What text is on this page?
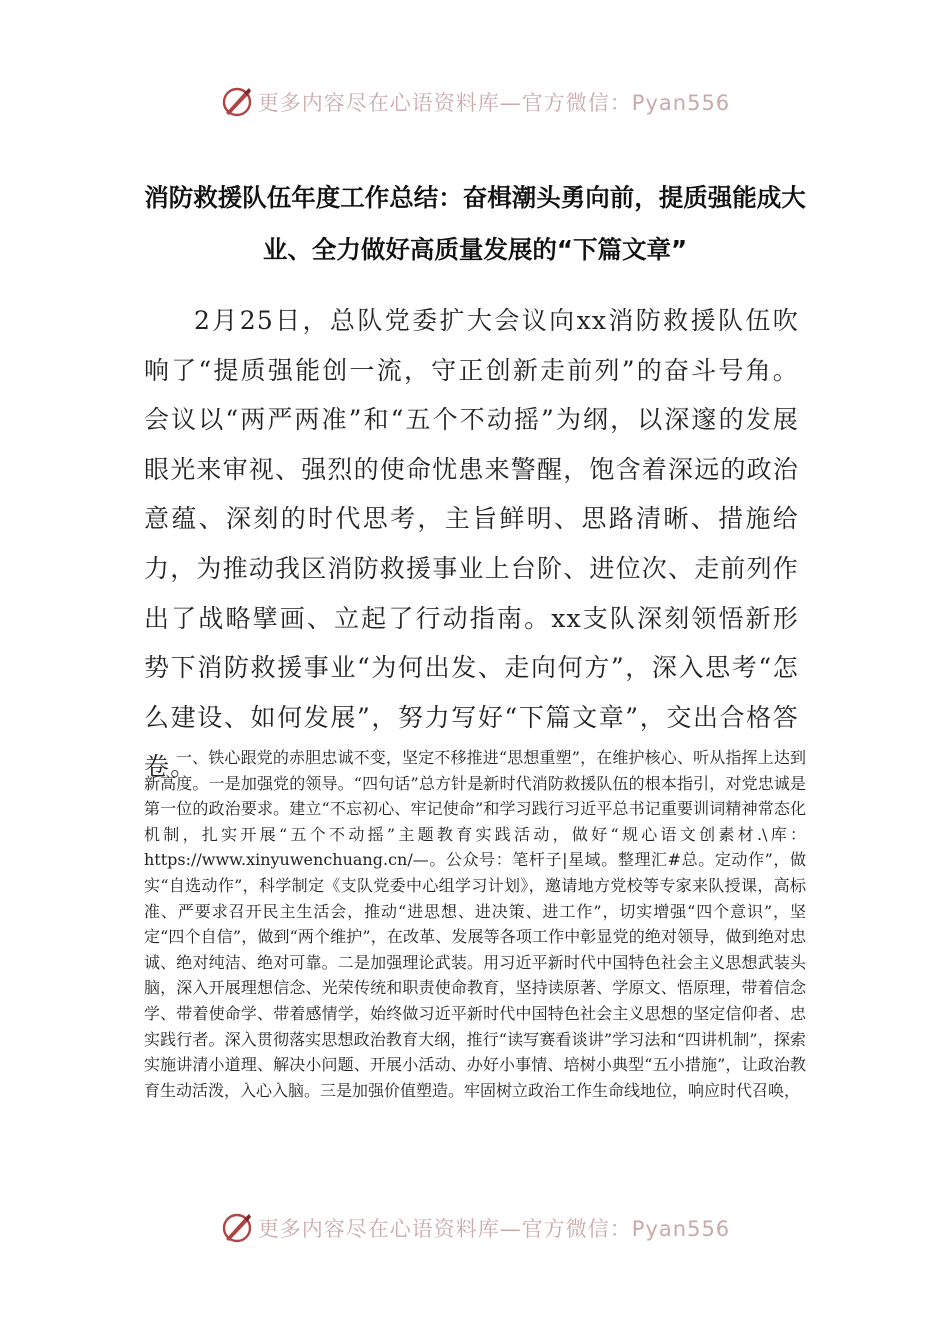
更多内容尽在心语资料库—官方微信：Pyan556
消防救援队伍年度工作总结：奋楫潮头勇向前，提质强能成大业、全力做好高质量发展的“下篇文章”

2月25日，总队党委扩大会议向xx消防救援队伍吹响了“提质强能创一流，守正创新走前列”的奋斗号角。会议以“两严两准”和“五个不动摇”为纲，以深邃的发展眼光来审视、强烈的使命忧患来警醒，饱含着深远的政治意蕴、深刻的时代思考，主旨鲜明、思路清晰、措施给力，为推动我区消防救援事业上台阶、进位次、走前列作出了战略擘画、立起了行动指南。xx支队深刻领悟新形势下消防救援事业“为何出发、走向何方”，深入思考“怎么建设、如何发展”，努力写好“下篇文章”，交出合格答卷。

一、铁心跟党的赤胆忠诚不变，坚定不移推进“思想重塑”，在维护核心、听从指挥上达到新高度。一是加强党的领导。“四句话”总方针是新时代消防救援队伍的根本指引，对党忠诚是第一位的政治要求。建立“不忘初心、牢记使命”和学习践行习近平总书记重要训词精神常态化机制，扎实开展“五个不动摇”主题教育实践活动，做好“规心语文创素材.\库：https://www.xinyuwenchuang.cn/—。公众号：笔杆子|星域。整理汇#总。定动作”，做实“自选动作”，科学制定《支队党委中心组学习计划》，邀请地方党校等专家来队授课，高标准、严要求召开民主生活会，推动“进思想、进决策、进工作”，切实增强“四个意识”，坚定“四个自信”，做到“两个维护”，在改革、发展等各项工作中彰显党的绝对领导，做到绝对忠诚、绝对纯洁、绝对可靠。二是加强理论武装。用习近平新时代中国特色社会主义思想武装头脑，深入开展理想信念、光荣传统和职责使命教育，坚持读原著、学原文、悟原理，带着信念学、带着使命学、带着感情学，始终做习近平新时代中国特色社会主义思想的坚定信仰者、忠实践行者。深入贯彻落实思想政治教育大纲，推行“读写赛看谈讲”学习法和“四讲机制”，探索实施讲清小道理、解决小问题、开展小活动、办好小事情、培树小典型“五小措施”，让政治教育生动活泼，入心入脑。三是加强价值塑造。牢固树立政治工作生命线地位，响应时代召唤，

更多内容尽在心语资料库—官方微信：Pyan556
